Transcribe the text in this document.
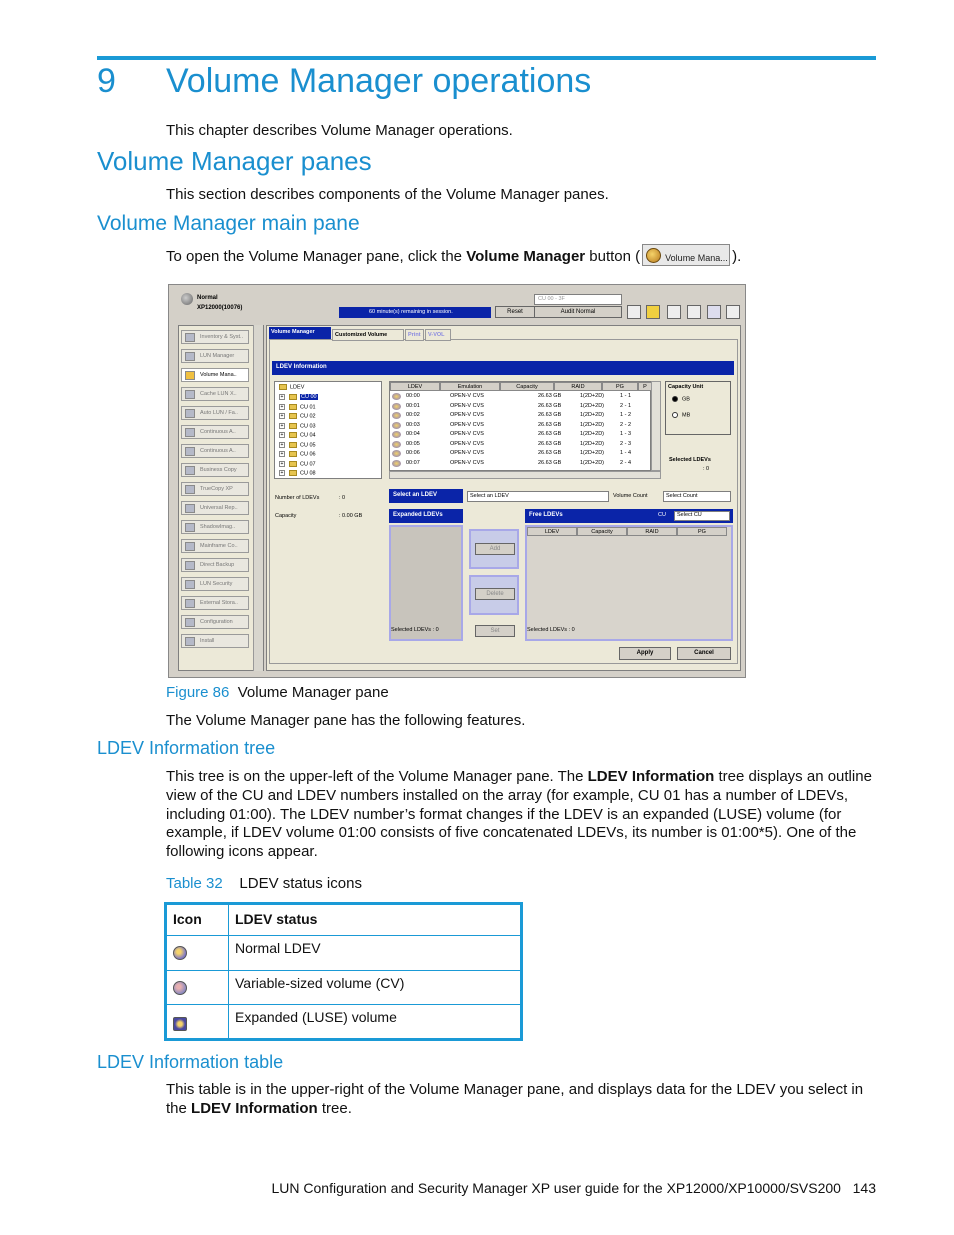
9 Volume Manager operations
This chapter describes Volume Manager operations.
Volume Manager panes
This section describes components of the Volume Manager panes.
Volume Manager main pane
To open the Volume Manager pane, click the Volume Manager button (	Volume Mana... ).
Normal
XP12000(10076)
60 minute(s) remaining in session.	Reset
CU 00 - 3F
Audit Normal
LDEV Information
LDEV
+	CU 00
+	CU 01
+	CU 02
+	CU 03
+	CU 04
+	CU 05
+	CU 06
+	CU 07
+	CU 08
LDEV	Emulation	Capacity	RAID	PG	P
00:00	OPEN-V CVS	26.63 GB	1(2D+2D)	1 - 1
00:01	OPEN-V CVS	26.63 GB	1(2D+2D)	2 - 1
00:02	OPEN-V CVS	26.63 GB	1(2D+2D)	1 - 2
00:03	OPEN-V CVS	26.63 GB	1(2D+2D)	2 - 2
00:04	OPEN-V CVS	26.63 GB	1(2D+2D)	1 - 3
00:05	OPEN-V CVS	26.63 GB	1(2D+2D)	2 - 3
00:06	OPEN-V CVS	26.63 GB	1(2D+2D)	1 - 4
00:07	OPEN-V CVS	26.63 GB	1(2D+2D)	2 - 4
Capacity Unit
GB
MB
Selected LDEVs
: 0
Number of LDEVs	: 0
Capacity	: 0.00 GB
Select an LDEV	Select an LDEV	Volume Count	Select Count
Expanded LDEVs	Free LDEVs	CU	Select CU
Selected LDEVs : 0
Add
Delete
Set
LDEV	Capacity	RAID	PG
Selected LDEVs : 0
Apply	Cancel
Inventory & Syst..
LUN Manager
Volume Mana..
Cache LUN X..
Auto LUN / Fa..
Continuous A..
Continuous A..
Business Copy
TrueCopy XP
Universal Rep..
ShadowImag..
Mainframe Co..
Direct Backup
LUN Security
External Stora..
Configuration
Install
Volume Manager	Customized Volume	Print	V-VOL
Figure 86 Volume Manager pane
The Volume Manager pane has the following features.
LDEV Information tree
This tree is on the upper-left of the Volume Manager pane. The LDEV Information tree displays an outline view of the CU and LDEV numbers installed on the array (for example, CU 01 has a number of LDEVs, including 01:00). The LDEV number’s format changes if the LDEV is an expanded (LUSE) volume (for example, if LDEV volume 01:00 consists of five concatenated LDEVs, its number is 01:00*5). One of the following icons appear.
Table 32 LDEV status icons
Icon	LDEV status

	Normal LDEV

	Variable-sized volume (CV)

	Expanded (LUSE) volume
LDEV Information table
This table is in the upper-right of the Volume Manager pane, and displays data for the LDEV you select in the LDEV Information tree.
LUN Configuration and Security Manager XP user guide for the XP12000/XP10000/SVS200 143
